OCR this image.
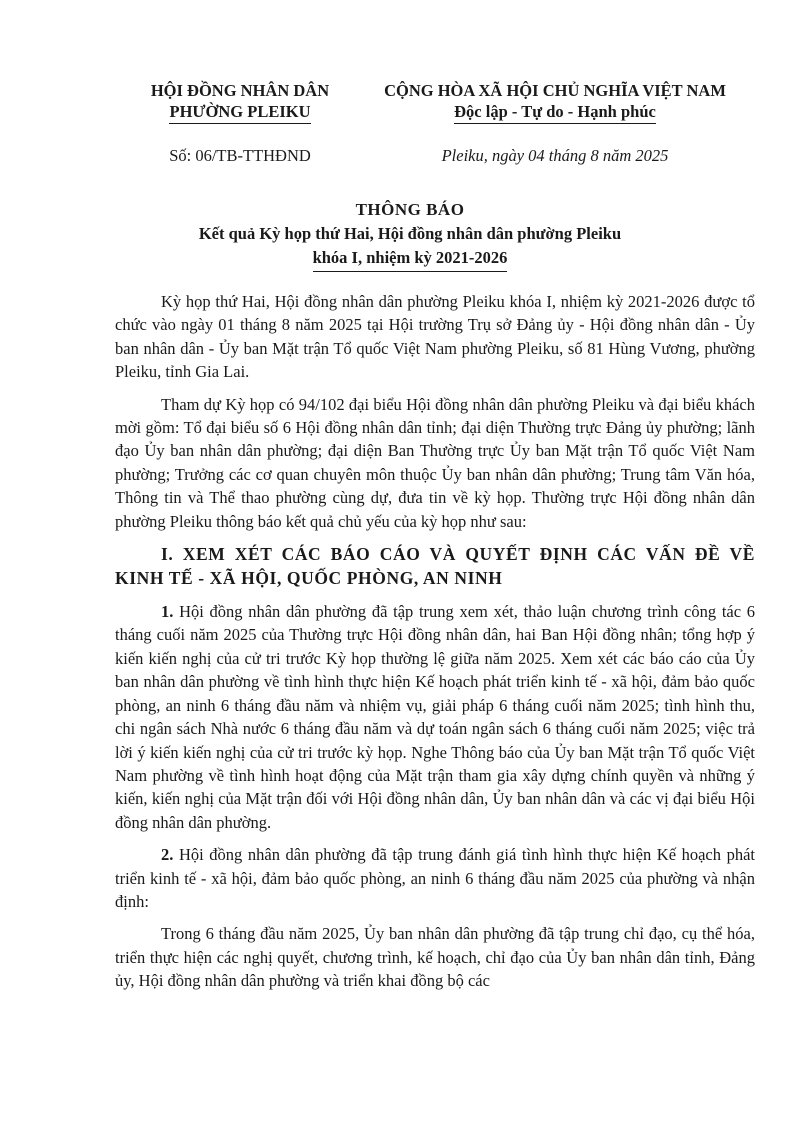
HỘI ĐỒNG NHÂN DÂN
PHƯỜNG PLEIKU
CỘNG HÒA XÃ HỘI CHỦ NGHĨA VIỆT NAM
Độc lập - Tự do - Hạnh phúc
Số: 06/TB-TTHĐND	Pleiku, ngày 04 tháng 8 năm 2025
THÔNG BÁO
Kết quả Kỳ họp thứ Hai, Hội đồng nhân dân phường Pleiku
khóa I, nhiệm kỳ 2021-2026

Kỳ họp thứ Hai, Hội đồng nhân dân phường Pleiku khóa I, nhiệm kỳ 2021-2026 được tổ chức vào ngày 01 tháng 8 năm 2025 tại Hội trường Trụ sở Đảng ủy - Hội đồng nhân dân - Ủy ban nhân dân - Ủy ban Mặt trận Tổ quốc Việt Nam phường Pleiku, số 81 Hùng Vương, phường Pleiku, tỉnh Gia Lai.

Tham dự Kỳ họp có 94/102 đại biểu Hội đồng nhân dân phường Pleiku và đại biểu khách mời gồm: Tổ đại biểu số 6 Hội đồng nhân dân tỉnh; đại diện Thường trực Đảng ủy phường; lãnh đạo Ủy ban nhân dân phường; đại diện Ban Thường trực Ủy ban Mặt trận Tổ quốc Việt Nam phường; Trưởng các cơ quan chuyên môn thuộc Ủy ban nhân dân phường; Trung tâm Văn hóa, Thông tin và Thể thao phường cùng dự, đưa tin về kỳ họp. Thường trực Hội đồng nhân dân phường Pleiku thông báo kết quả chủ yếu của kỳ họp như sau:

I. XEM XÉT CÁC BÁO CÁO VÀ QUYẾT ĐỊNH CÁC VẤN ĐỀ VỀ KINH TẾ - XÃ HỘI, QUỐC PHÒNG, AN NINH

1. Hội đồng nhân dân phường đã tập trung xem xét, thảo luận chương trình công tác 6 tháng cuối năm 2025 của Thường trực Hội đồng nhân dân, hai Ban Hội đồng nhân; tổng hợp ý kiến kiến nghị của cử tri trước Kỳ họp thường lệ giữa năm 2025. Xem xét các báo cáo của Ủy ban nhân dân phường về tình hình thực hiện Kế hoạch phát triển kinh tế - xã hội, đảm bảo quốc phòng, an ninh 6 tháng đầu năm và nhiệm vụ, giải pháp 6 tháng cuối năm 2025; tình hình thu, chi ngân sách Nhà nước 6 tháng đầu năm và dự toán ngân sách 6 tháng cuối năm 2025; việc trả lời ý kiến kiến nghị của cử tri trước kỳ họp. Nghe Thông báo của Ủy ban Mặt trận Tổ quốc Việt Nam phường về tình hình hoạt động của Mặt trận tham gia xây dựng chính quyền và những ý kiến, kiến nghị của Mặt trận đối với Hội đồng nhân dân, Ủy ban nhân dân và các vị đại biểu Hội đồng nhân dân phường.

2. Hội đồng nhân dân phường đã tập trung đánh giá tình hình thực hiện Kế hoạch phát triển kinh tế - xã hội, đảm bảo quốc phòng, an ninh 6 tháng đầu năm 2025 của phường và nhận định:

Trong 6 tháng đầu năm 2025, Ủy ban nhân dân phường đã tập trung chỉ đạo, cụ thể hóa, triển thực hiện các nghị quyết, chương trình, kế hoạch, chỉ đạo của Ủy ban nhân dân tỉnh, Đảng ủy, Hội đồng nhân dân phường và triển khai đồng bộ các
